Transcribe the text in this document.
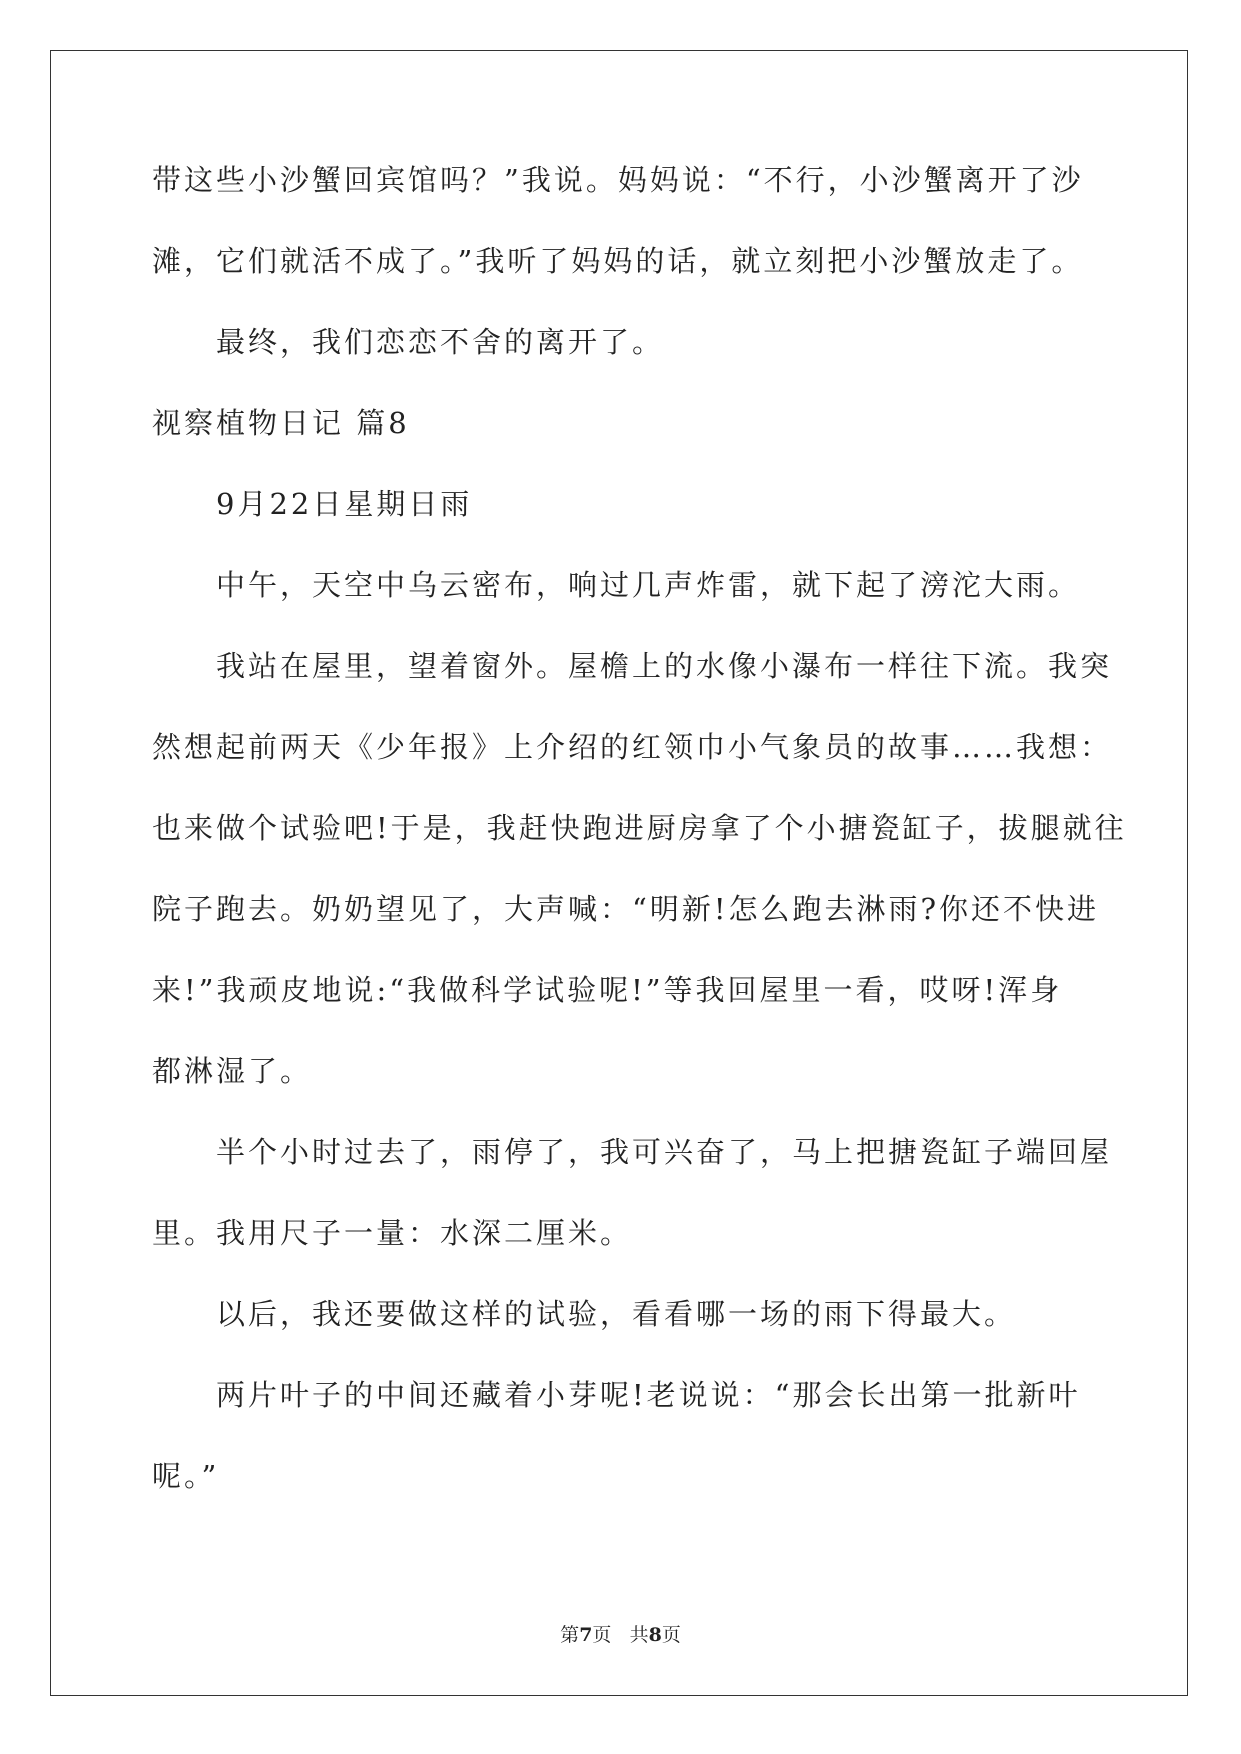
带这些小沙蟹回宾馆吗？”我说。妈妈说：“不行，小沙蟹离开了沙
滩，它们就活不成了。”我听了妈妈的话，就立刻把小沙蟹放走了。
最终，我们恋恋不舍的离开了。
视察植物日记 篇8
9月22日星期日雨
中午，天空中乌云密布，响过几声炸雷，就下起了滂沱大雨。
我站在屋里，望着窗外。屋檐上的水像小瀑布一样往下流。我突
然想起前两天《少年报》上介绍的红领巾小气象员的故事……我想：
也来做个试验吧!于是，我赶快跑进厨房拿了个小搪瓷缸子，拔腿就往
院子跑去。奶奶望见了，大声喊：“明新!怎么跑去淋雨?你还不快进
来!”我顽皮地说:“我做科学试验呢!”等我回屋里一看，哎呀!浑身
都淋湿了。
半个小时过去了，雨停了，我可兴奋了，马上把搪瓷缸子端回屋
里。我用尺子一量：水深二厘米。
以后，我还要做这样的试验，看看哪一场的雨下得最大。
两片叶子的中间还藏着小芽呢!老说说：“那会长出第一批新叶
呢。”
第7页 共8页
